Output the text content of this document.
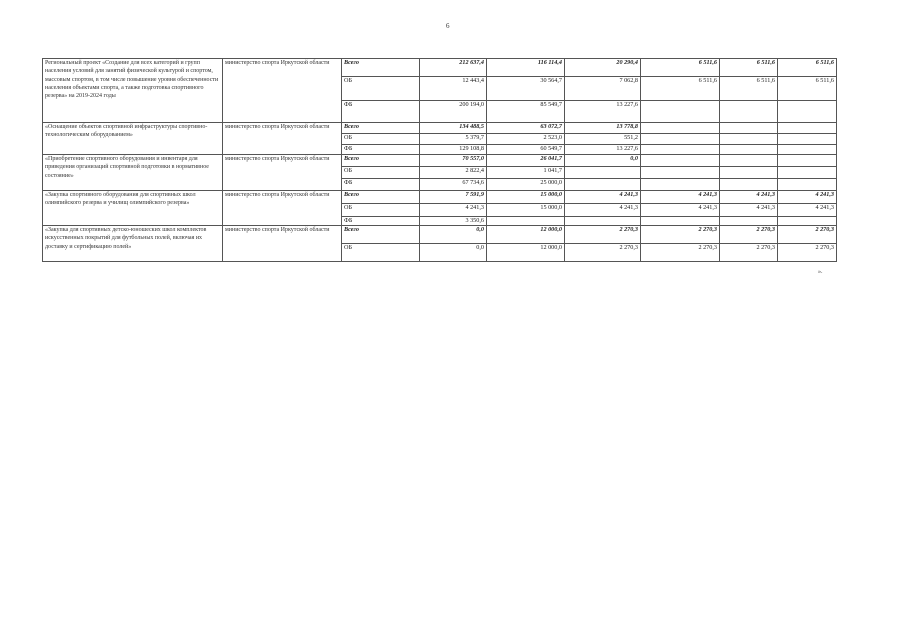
6
Региональный проект «Создание для всех категорий и групп населения условий для занятий физической культурой и спортом, массовым спортом, в том числе повышение уровня обеспеченности населения объектами спорта, а также подготовка спортивного резерва» на 2019-2024 годы	министерство спорта Иркутской области	Всего	212 637,4	116 114,4	20 290,4	6 511,6	6 511,6	6 511,6
		ОБ	12 443,4	30 564,7	7 062,8	6 511,6	6 511,6	6 511,6
		ФБ	200 194,0	85 549,7	13 227,6			
«Оснащение объектов спортивной инфраструктуры спортивно-технологическим оборудованием»	министерство спорта Иркутской области	Всего	134 488,5	63 072,7	13 778,8			
		ОБ	5 379,7	2 523,0	551,2			
		ФБ	129 108,8	60 549,7	13 227,6			
«Приобретение спортивного оборудования и инвентаря для приведения организаций спортивной подготовки в нормативное состояние»	министерство спорта Иркутской области	Всего	70 557,0	26 041,7	0,0			
		ОБ	2 822,4	1 041,7				
		ФБ	67 734,6	25 000,0				
«Закупка спортивного оборудования для спортивных школ олимпийского резерва и училищ олимпийского резерва»	министерство спорта Иркутской области	Всего	7 591,9	15 000,0	4 241,3	4 241,3	4 241,3	4 241,3
		ОБ	4 241,3	15 000,0	4 241,3	4 241,3	4 241,3	4 241,3
		ФБ	3 350,6					
«Закупка для спортивных детско-юношеских школ комплектов искусственных покрытий для футбольных полей, включая их доставку и сертификацию полей»	министерство спорта Иркутской области	Всего	0,0	12 000,0	2 270,3	2 270,3	2 270,3	2 270,3
		ОБ	0,0	12 000,0	2 270,3	2 270,3	2 270,3	2 270,3
».
